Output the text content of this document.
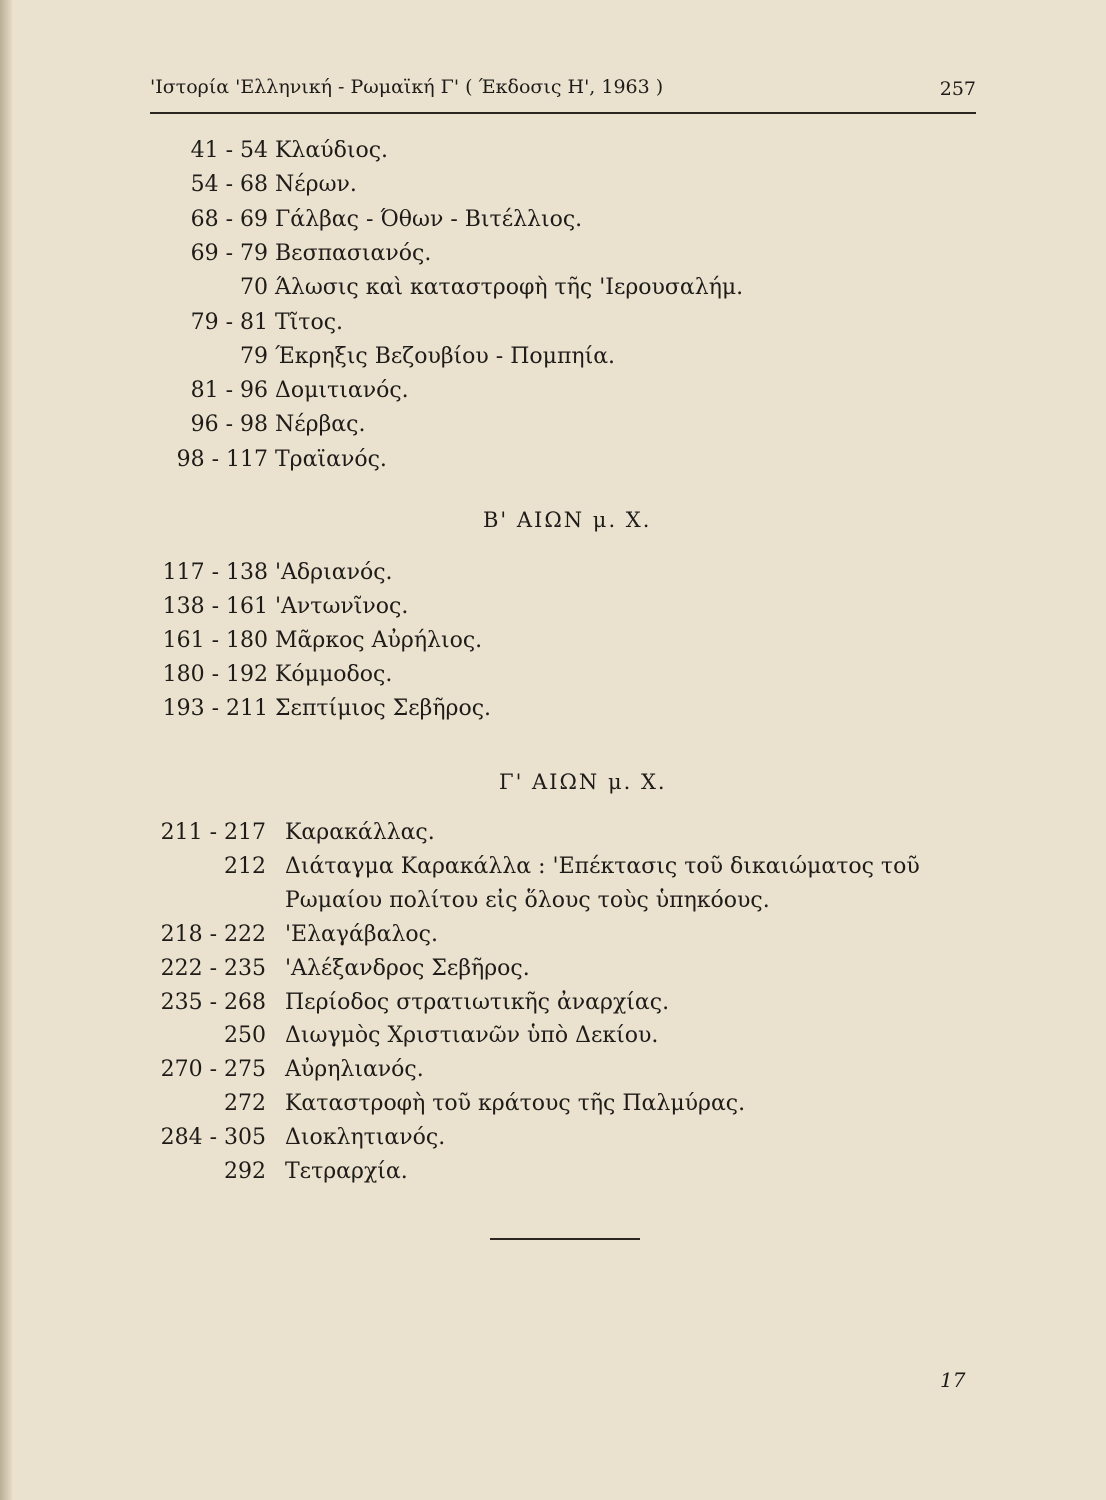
'Ιστορία 'Ελληνική - Ρωμαϊκή Γ' ( Έκδοσις Η', 1963 )	257
41 - 54 Κλαύδιος.
54 - 68 Νέρων.
68 - 69 Γάλβας - Όθων - Βιτέλλιος.
69 - 79 Βεσπασιανός.
70 Άλωσις καὶ καταστροφὴ τῆς 'Ιερουσαλήμ.
79 - 81 Τῖτος.
79 Έκρηξις Βεζουβίου - Πομπηία.
81 - 96 Δομιτιανός.
96 - 98 Νέρβας.
98 - 117 Τραϊανός.
Β' ΑΙΩΝ μ. Χ.
117 - 138 'Αδριανός.
138 - 161 'Αντωνῖνος.
161 - 180 Μᾶρκος Αὐρήλιος.
180 - 192 Κόμμοδος.
193 - 211 Σεπτίμιος Σεβῆρος.
Γ' ΑΙΩΝ μ. Χ.
211 - 217 Καρακάλλας.
212 Διάταγμα Καρακάλλα : 'Επέκτασις τοῦ δικαιώματος τοῦ
Ρωμαίου πολίτου εἰς ὅλους τοὺς ὑπηκόους.
218 - 222 'Ελαγάβαλος.
222 - 235 'Αλέξανδρος Σεβῆρος.
235 - 268 Περίοδος στρατιωτικῆς ἀναρχίας.
250 Διωγμὸς Χριστιανῶν ὑπὸ Δεκίου.
270 - 275 Αὐρηλιανός.
272 Καταστροφὴ τοῦ κράτους τῆς Παλμύρας.
284 - 305 Διοκλητιανός.
292 Τετραρχία.
17
